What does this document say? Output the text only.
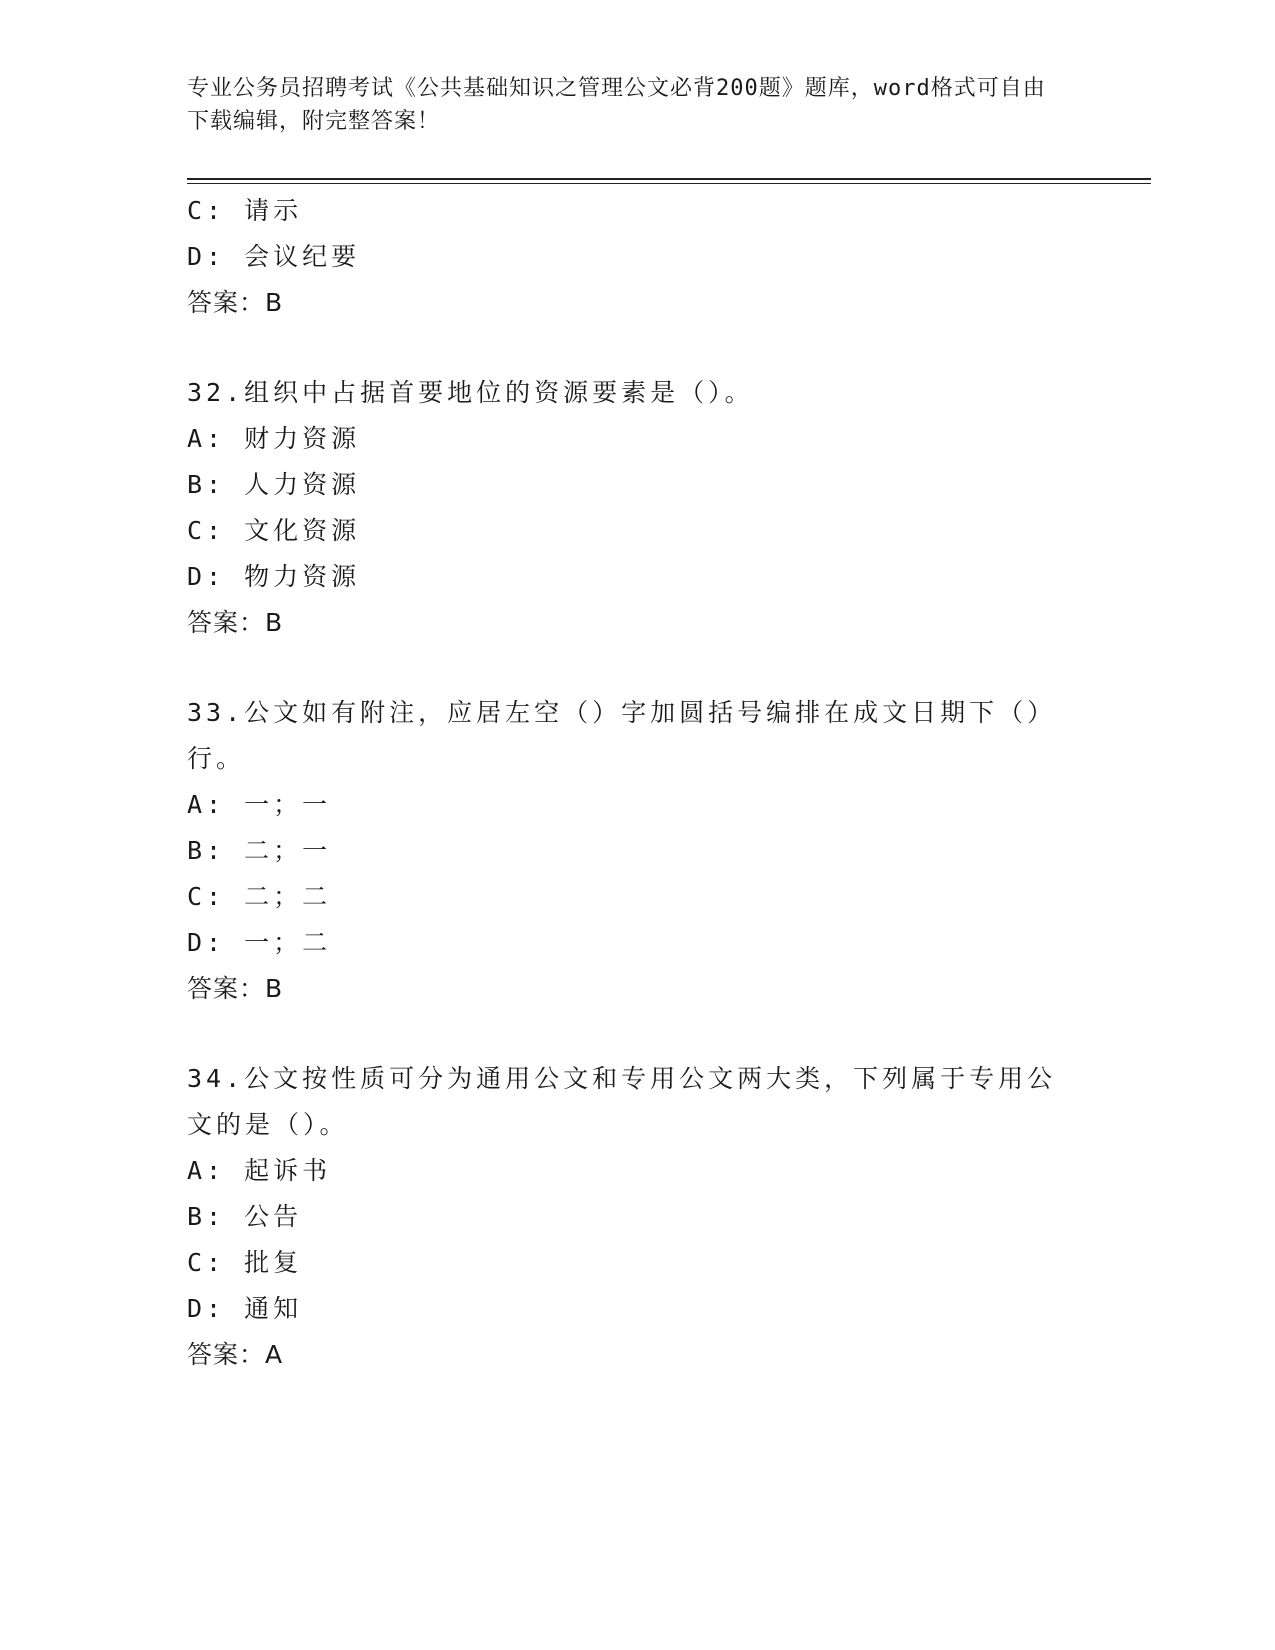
专业公务员招聘考试《公共基础知识之管理公文必背200题》题库，word格式可自由下载编辑，附完整答案！
C: 请示
D: 会议纪要
答案：B
32.组织中占据首要地位的资源要素是（）。
A: 财力资源
B: 人力资源
C: 文化资源
D: 物力资源
答案：B
33.公文如有附注，应居左空（）字加圆括号编排在成文日期下（）行。
A: 一；一
B: 二；一
C: 二；二
D: 一；二
答案：B
34.公文按性质可分为通用公文和专用公文两大类，下列属于专用公文的是（）。
A: 起诉书
B: 公告
C: 批复
D: 通知
答案：A
